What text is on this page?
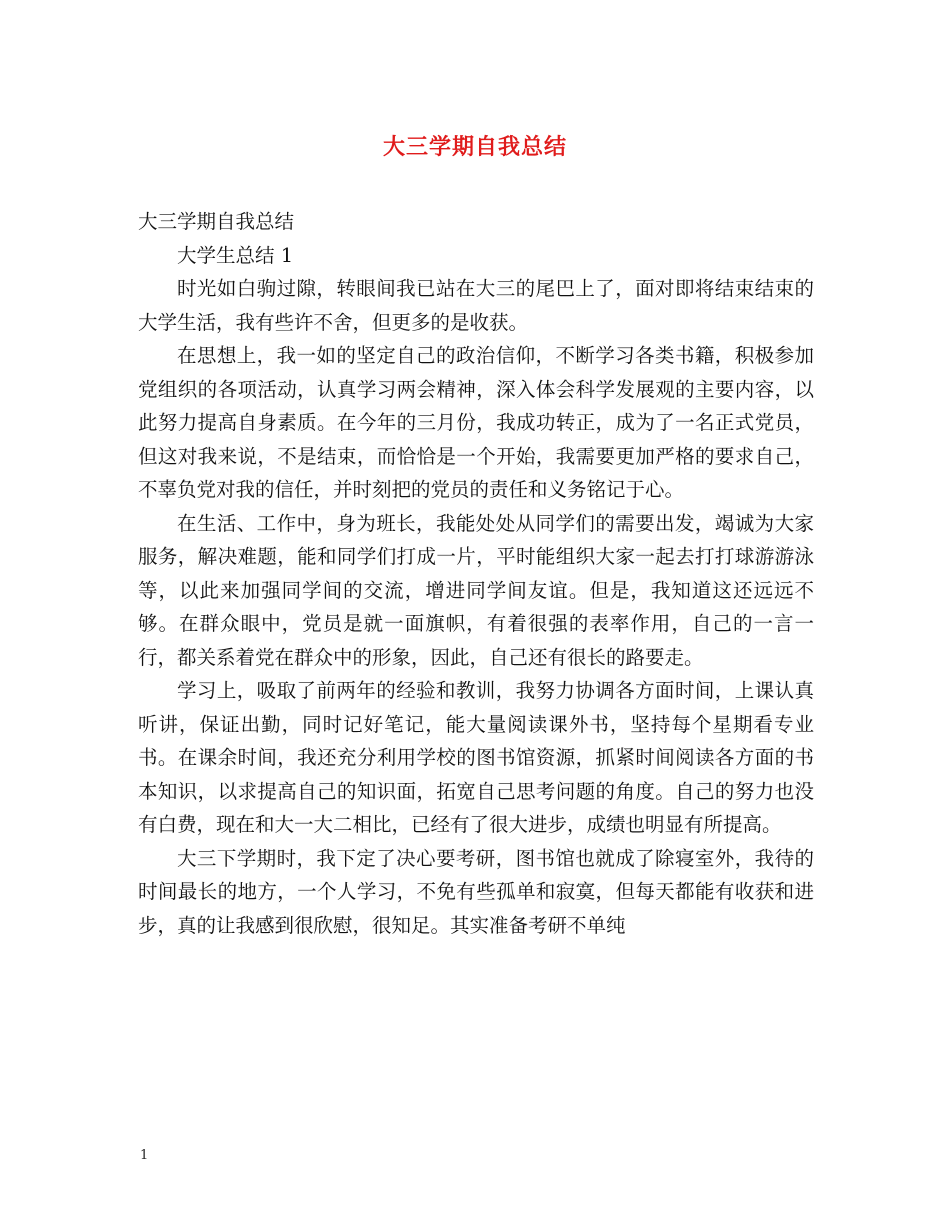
大三学期自我总结

大三学期自我总结

大学生总结 1

时光如白驹过隙，转眼间我已站在大三的尾巴上了，面对即将结束结束的大学生活，我有些许不舍，但更多的是收获。

在思想上，我一如的坚定自己的政治信仰，不断学习各类书籍，积极参加党组织的各项活动，认真学习两会精神，深入体会科学发展观的主要内容，以此努力提高自身素质。在今年的三月份，我成功转正，成为了一名正式党员，但这对我来说，不是结束，而恰恰是一个开始，我需要更加严格的要求自己，不辜负党对我的信任，并时刻把的党员的责任和义务铭记于心。

在生活、工作中，身为班长，我能处处从同学们的需要出发，竭诚为大家服务，解决难题，能和同学们打成一片，平时能组织大家一起去打打球游游泳等，以此来加强同学间的交流，增进同学间友谊。但是，我知道这还远远不够。在群众眼中，党员是就一面旗帜，有着很强的表率作用，自己的一言一行，都关系着党在群众中的形象，因此，自己还有很长的路要走。

学习上，吸取了前两年的经验和教训，我努力协调各方面时间，上课认真听讲，保证出勤，同时记好笔记，能大量阅读课外书，坚持每个星期看专业书。在课余时间，我还充分利用学校的图书馆资源，抓紧时间阅读各方面的书本知识，以求提高自己的知识面，拓宽自己思考问题的角度。自己的努力也没有白费，现在和大一大二相比，已经有了很大进步，成绩也明显有所提高。

大三下学期时，我下定了决心要考研，图书馆也就成了除寝室外，我待的时间最长的地方，一个人学习，不免有些孤单和寂寞，但每天都能有收获和进步，真的让我感到很欣慰，很知足。其实准备考研不单纯

1
